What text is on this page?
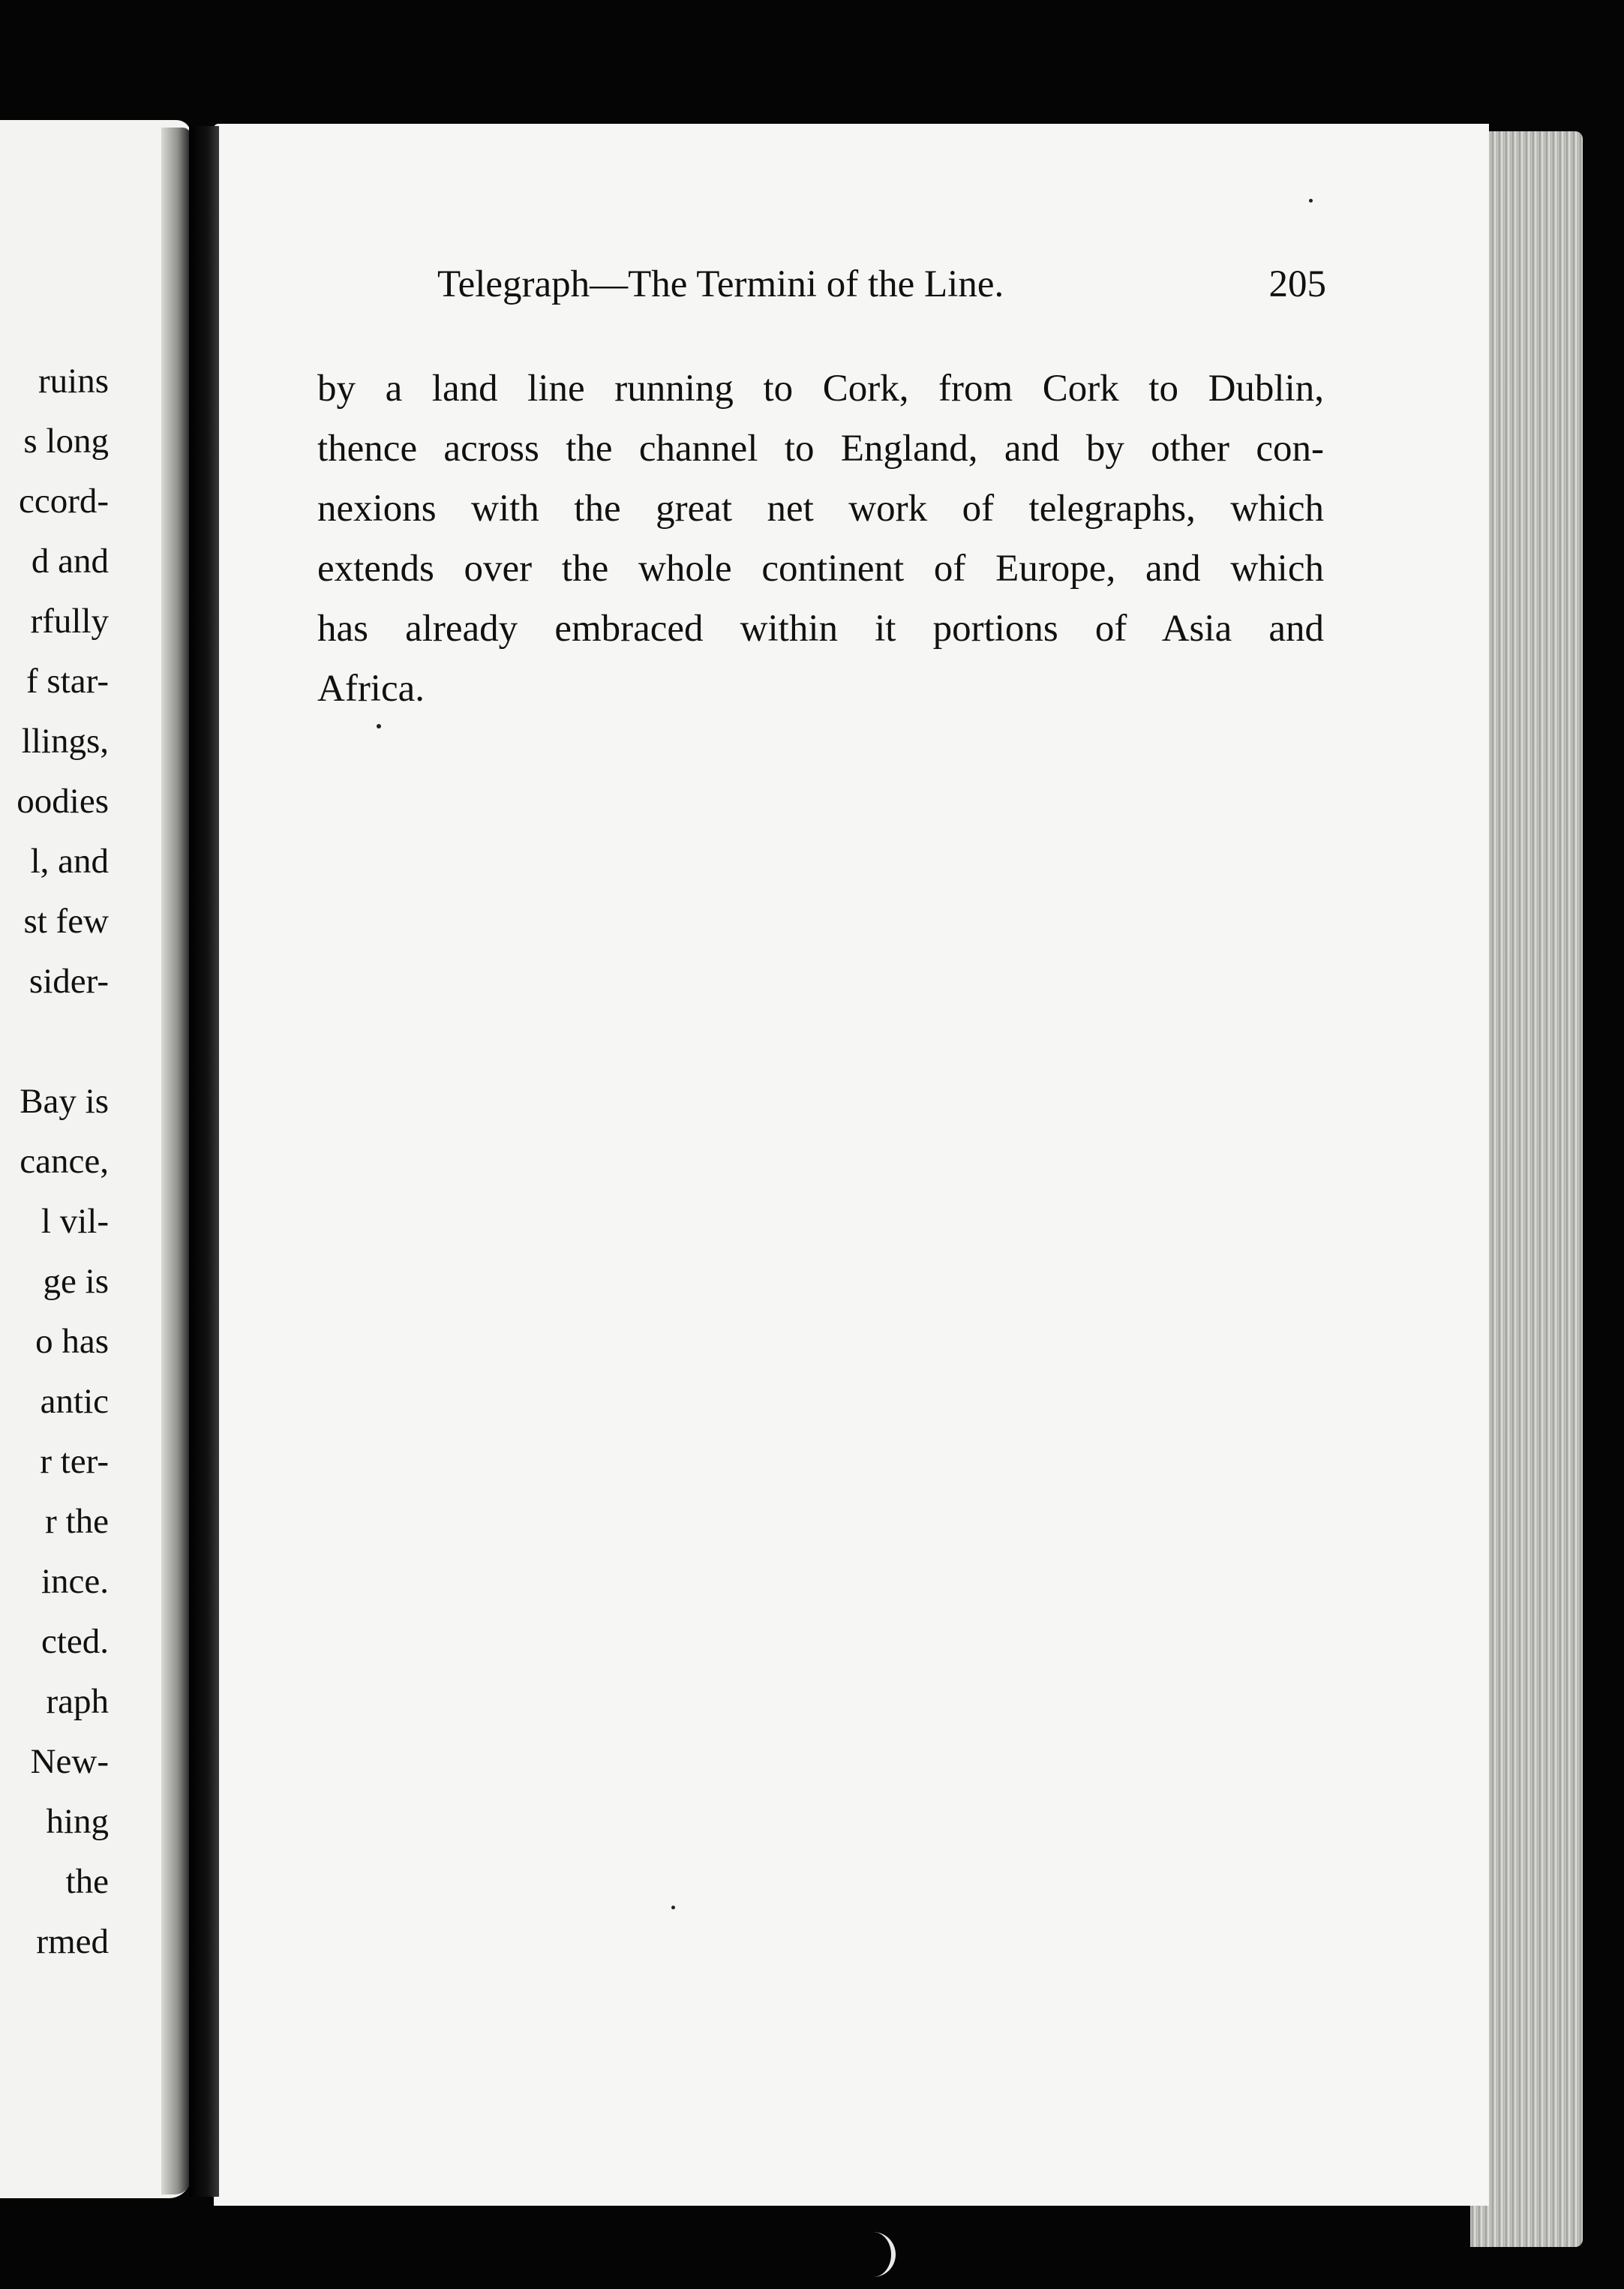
ruins
s long
ccord-
d and
rfully
f star-
llings,
oodies
l, and
st few
sider-
Bay is
cance,
l vil-
ge is
o has
antic
r ter-
r the
ince.
cted.
raph
New-
hing
the
rmed
Telegraph—The Termini of the Line.	205
by a land line running to Cork, from Cork to Dublin,
thence across the channel to England, and by other con-
nexions with the great net work of telegraphs, which
extends over the whole continent of Europe, and which
has already embraced within it portions of Asia and
Africa.
